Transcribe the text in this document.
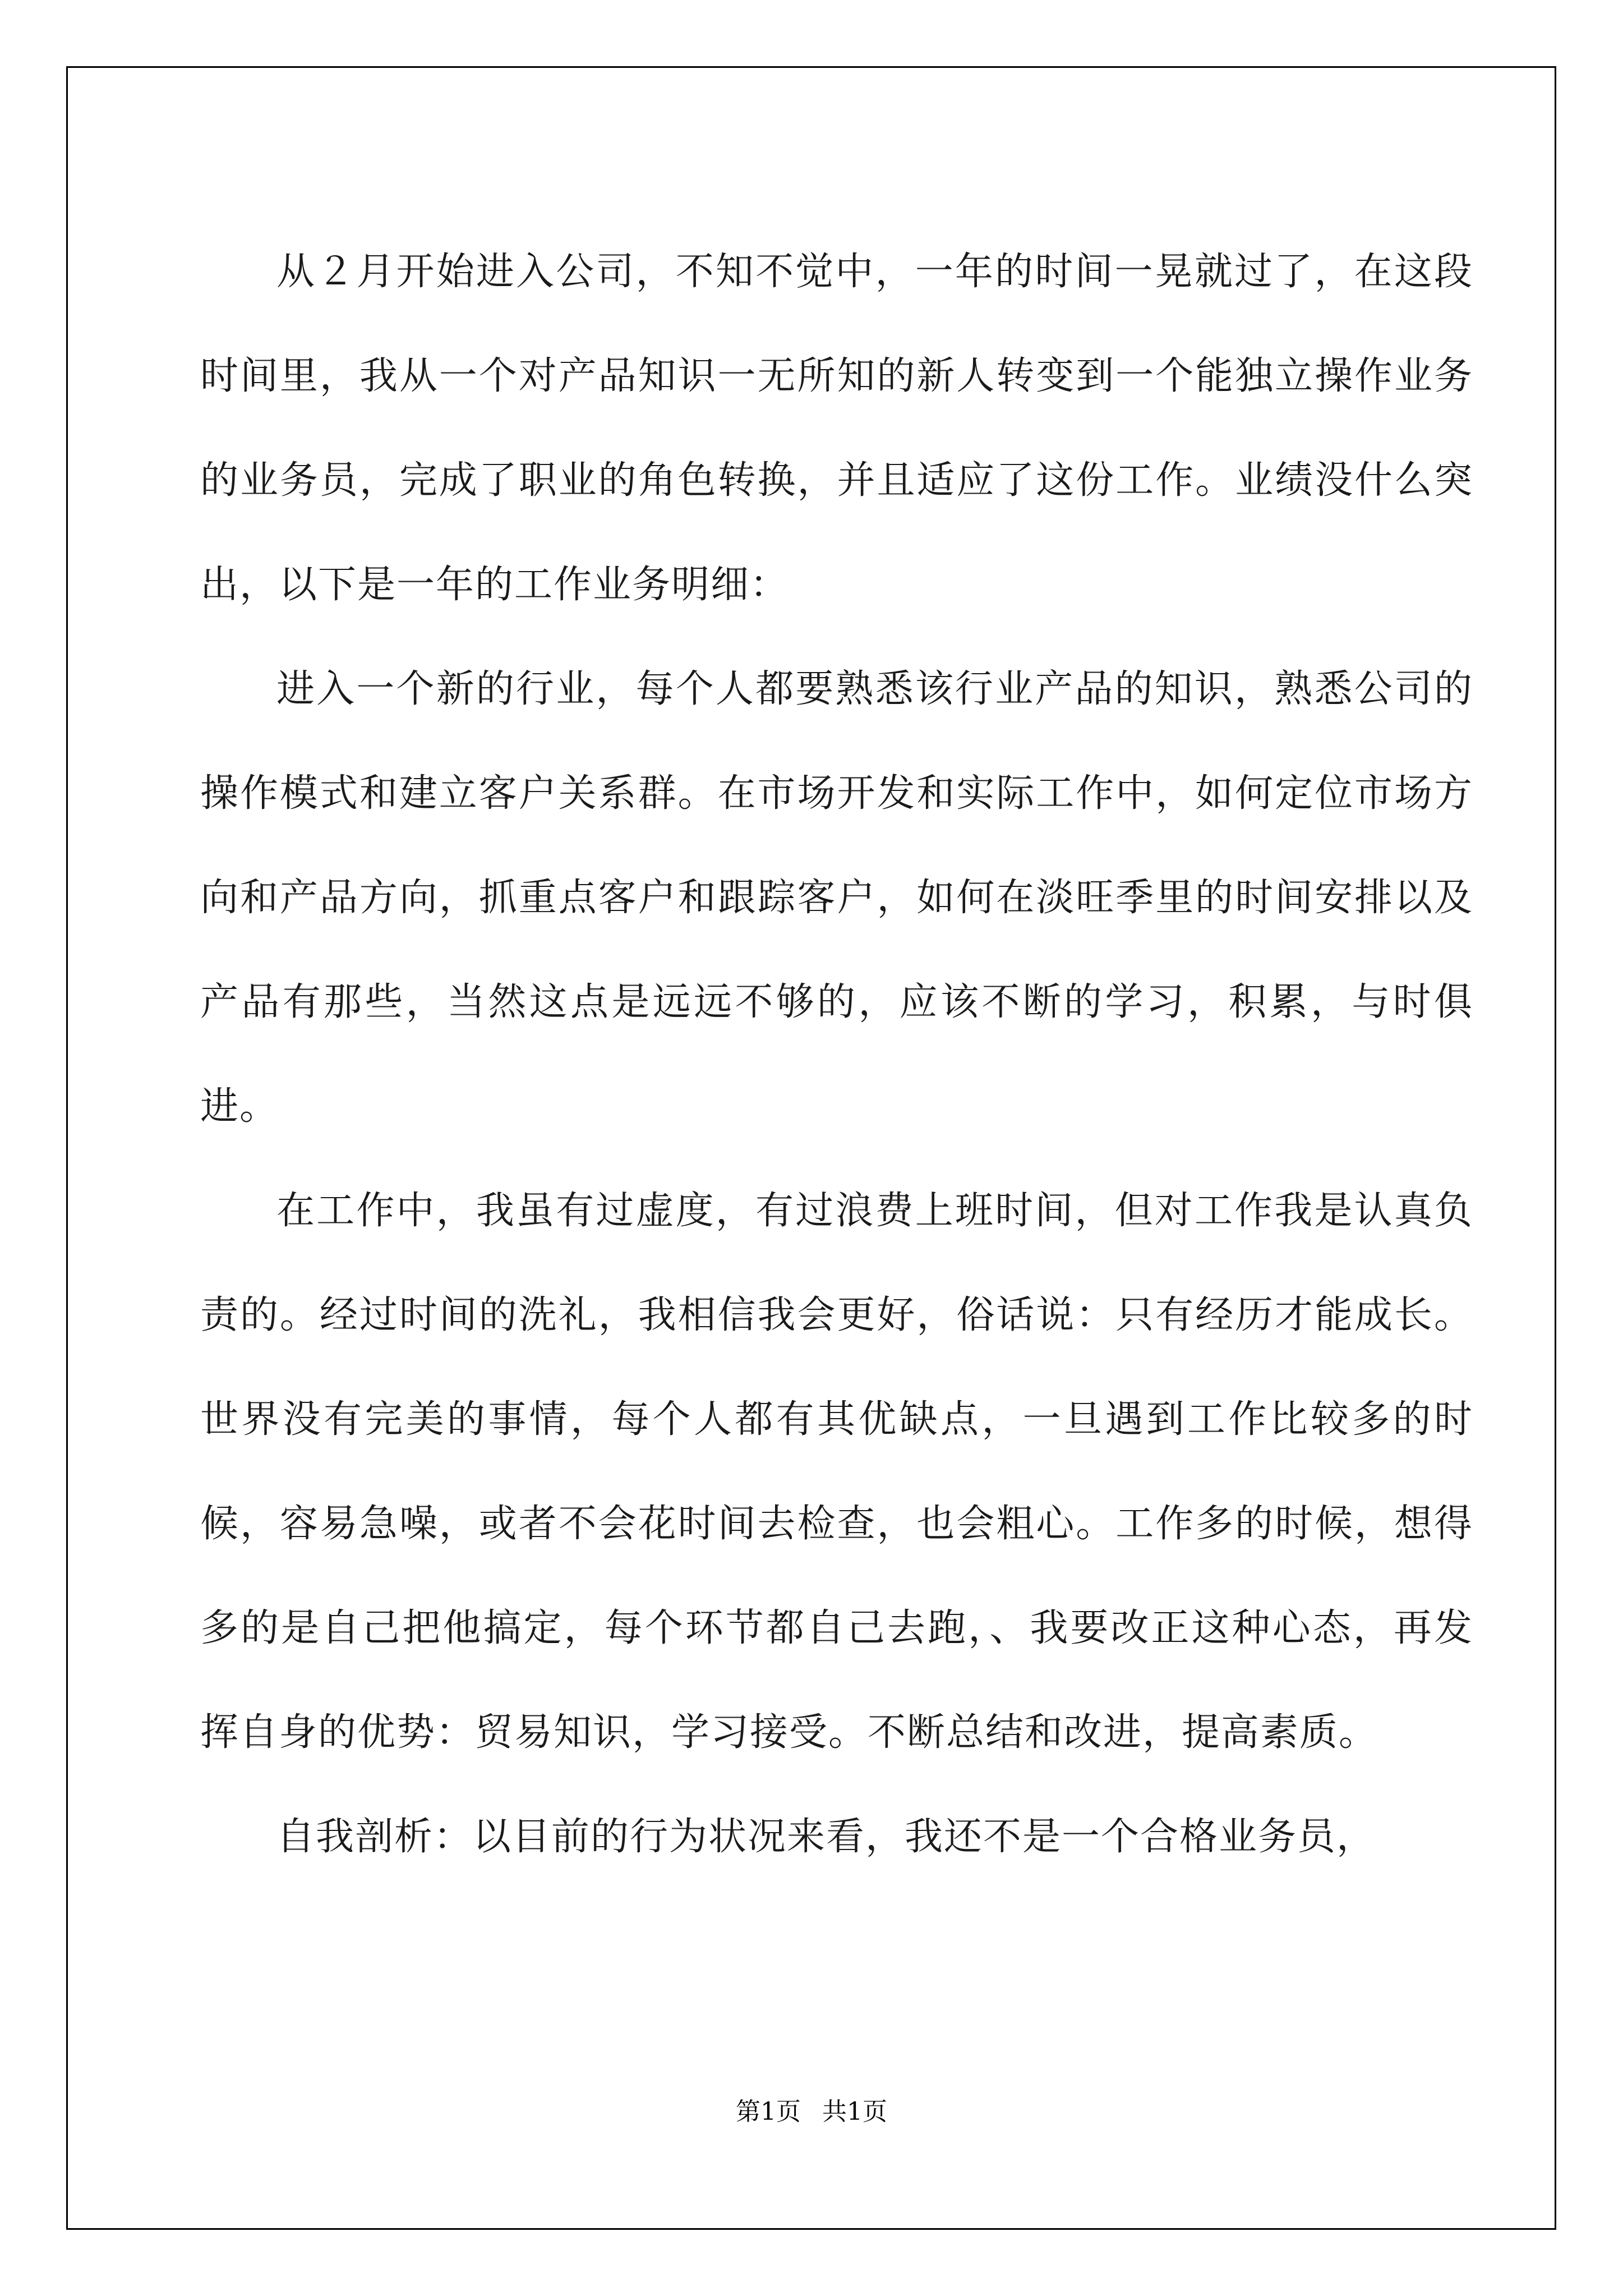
从２月开始进入公司，不知不觉中，一年的时间一晃就过了，在这段时间里，我从一个对产品知识一无所知的新人转变到一个能独立操作业务的业务员，完成了职业的角色转换，并且适应了这份工作。业绩没什么突出，以下是一年的工作业务明细：

进入一个新的行业，每个人都要熟悉该行业产品的知识，熟悉公司的操作模式和建立客户关系群。在市场开发和实际工作中，如何定位市场方向和产品方向，抓重点客户和跟踪客户，如何在淡旺季里的时间安排以及产品有那些，当然这点是远远不够的，应该不断的学习，积累，与时俱进。

在工作中，我虽有过虚度，有过浪费上班时间，但对工作我是认真负责的。经过时间的洗礼，我相信我会更好，俗话说：只有经历才能成长。世界没有完美的事情，每个人都有其优缺点，一旦遇到工作比较多的时候，容易急噪，或者不会花时间去检查，也会粗心。工作多的时候，想得多的是自己把他搞定，每个环节都自己去跑，、我要改正这种心态，再发挥自身的优势：贸易知识，学习接受。不断总结和改进，提高素质。

自我剖析：以目前的行为状况来看，我还不是一个合格业务员，

第1页 共1页
